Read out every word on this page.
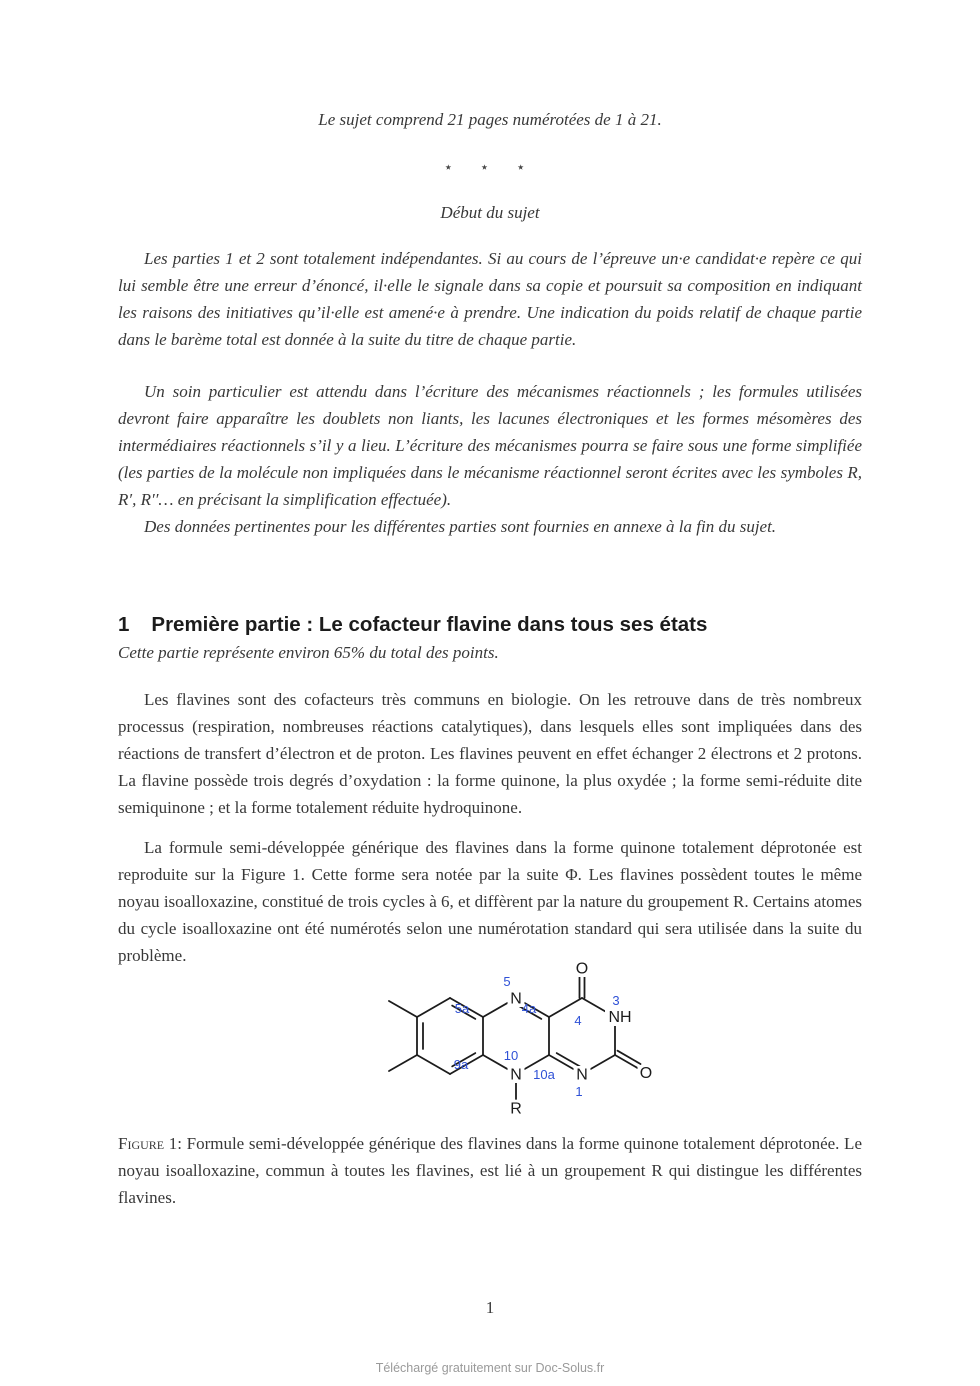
Le sujet comprend 21 pages numérotées de 1 à 21.
⋆ ⋆ ⋆
Début du sujet

Les parties 1 et 2 sont totalement indépendantes. Si au cours de l’épreuve un·e candidat·e repère ce qui lui semble être une erreur d’énoncé, il·elle le signale dans sa copie et poursuit sa composition en indiquant les raisons des initiatives qu’il·elle est amené·e à prendre. Une indication du poids relatif de chaque partie dans le barème total est donnée à la suite du titre de chaque partie.

Un soin particulier est attendu dans l’écriture des mécanismes réactionnels ; les formules utilisées devront faire apparaître les doublets non liants, les lacunes électroniques et les formes mésomères des intermédiaires réactionnels s’il y a lieu. L’écriture des mécanismes pourra se faire sous une forme simplifiée (les parties de la molécule non impliquées dans le mécanisme réactionnel seront écrites avec les symboles R, R′, R′′… en précisant la simplification effectuée).

Des données pertinentes pour les différentes parties sont fournies en annexe à la fin du sujet.

1 Première partie : Le cofacteur flavine dans tous ses états
Cette partie représente environ 65% du total des points.

Les flavines sont des cofacteurs très communs en biologie. On les retrouve dans de très nombreux processus (respiration, nombreuses réactions catalytiques), dans lesquels elles sont impliquées dans des réactions de transfert d’électron et de proton. Les flavines peuvent en effet échanger 2 électrons et 2 protons. La flavine possède trois degrés d’oxydation : la forme quinone, la plus oxydée ; la forme semi-réduite dite semiquinone ; et la forme totalement réduite hydroquinone.

La formule semi-développée générique des flavines dans la forme quinone totalement déprotonée est reproduite sur la Figure 1. Cette forme sera notée par la suite Φ. Les flavines possèdent toutes le même noyau isoalloxazine, constitué de trois cycles à 6, et diffèrent par la nature du groupement R. Certains atomes du cycle isoalloxazine ont été numérotés selon une numérotation standard qui sera utilisée dans la suite du problème.

N
N	N
NH
O
O
R
5
5a	4a
4
3
10
9a
10a
1

Figure 1: Formule semi-développée générique des flavines dans la forme quinone totalement déprotonée. Le noyau isoalloxazine, commun à toutes les flavines, est lié à un groupement R qui distingue les différentes flavines.

1
Téléchargé gratuitement sur Doc-Solus.fr
